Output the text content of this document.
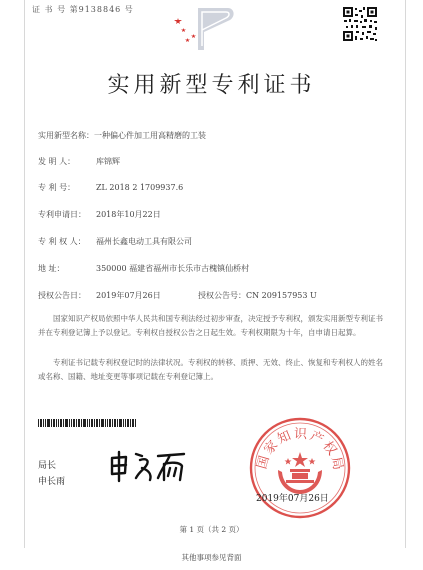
证 书 号 第9138846 号
实用新型专利证书
实用新型名称：一种偏心件加工用高精磨的工装
发 明 人：	库锦辉
专 利 号：	ZL 2018 2 1709937.6
专利申请日： 2018年10月22日
专 利 权 人： 福州长鑫电动工具有限公司
地 址：	350000 福建省福州市长乐市古槐镇仙桥村
授权公告日： 2019年07月26日	授权公告号：CN 209157953 U
国家知识产权局依照中华人民共和国专利法经过初步审查，决定授予专利权，颁发实用新型专利证书并在专利登记簿上予以登记。专利权自授权公告之日起生效。专利权期限为十年，自申请日起算。
专利证书记载专利权登记时的法律状况。专利权的转移、质押、无效、终止、恢复和专利权人的姓名或名称、国籍、地址变更等事项记载在专利登记簿上。
局长
申长雨
国家知识产权局
2019年07月26日
第 1 页（共 2 页）
其他事项参见背面
